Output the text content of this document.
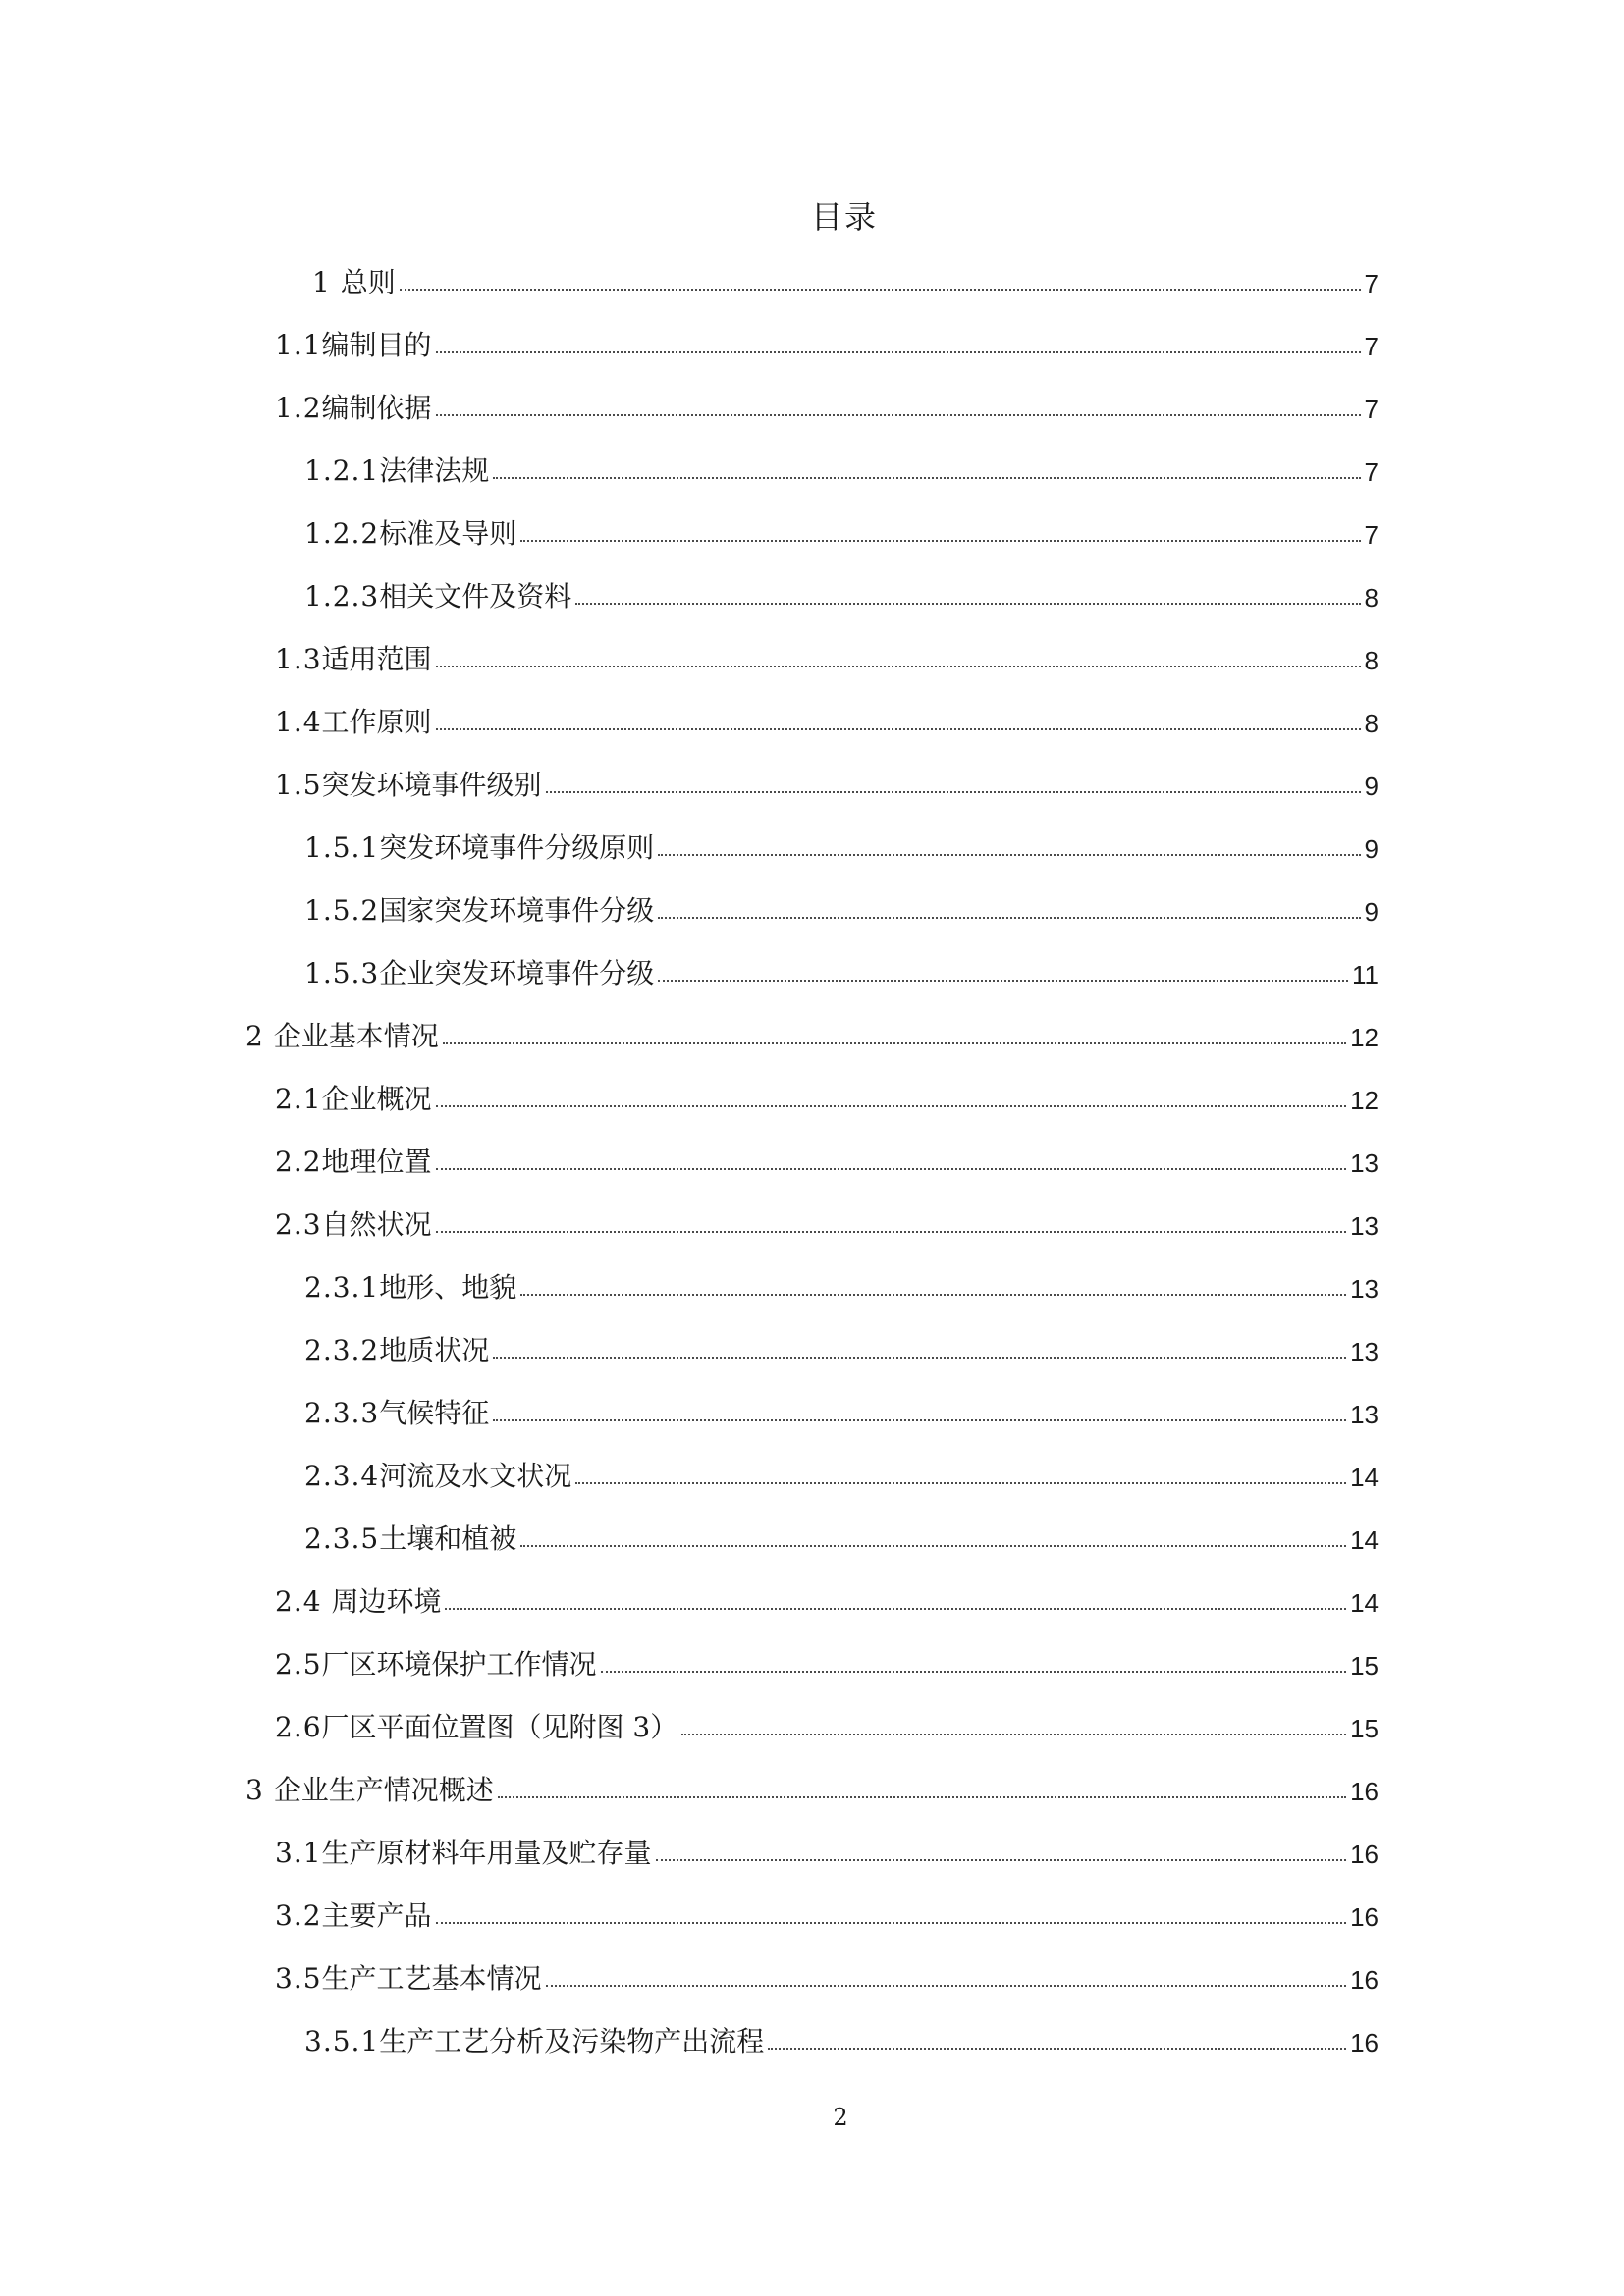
目录
1 总则	7
1.1 编制目的	7
1.2 编制依据	7
1.2.1 法律法规	7
1.2.2 标准及导则	7
1.2.3 相关文件及资料	8
1.3 适用范围	8
1.4 工作原则	8
1.5 突发环境事件级别	9
1.5.1 突发环境事件分级原则	9
1.5.2 国家突发环境事件分级	9
1.5.3 企业突发环境事件分级	11
2 企业基本情况	12
2.1 企业概况	12
2.2 地理位置	13
2.3 自然状况	13
2.3.1 地形、地貌	13
2.3.2 地质状况	13
2.3.3 气候特征	13
2.3.4 河流及水文状况	14
2.3.5 土壤和植被	14
2.4 周边环境	14
2.5 厂区环境保护工作情况	15
2.6 厂区平面位置图（见附图 3）	15
3 企业生产情况概述	16
3.1 生产原材料年用量及贮存量	16
3.2 主要产品	16
3.5 生产工艺基本情况	16
3.5.1 生产工艺分析及污染物产出流程	16
2
